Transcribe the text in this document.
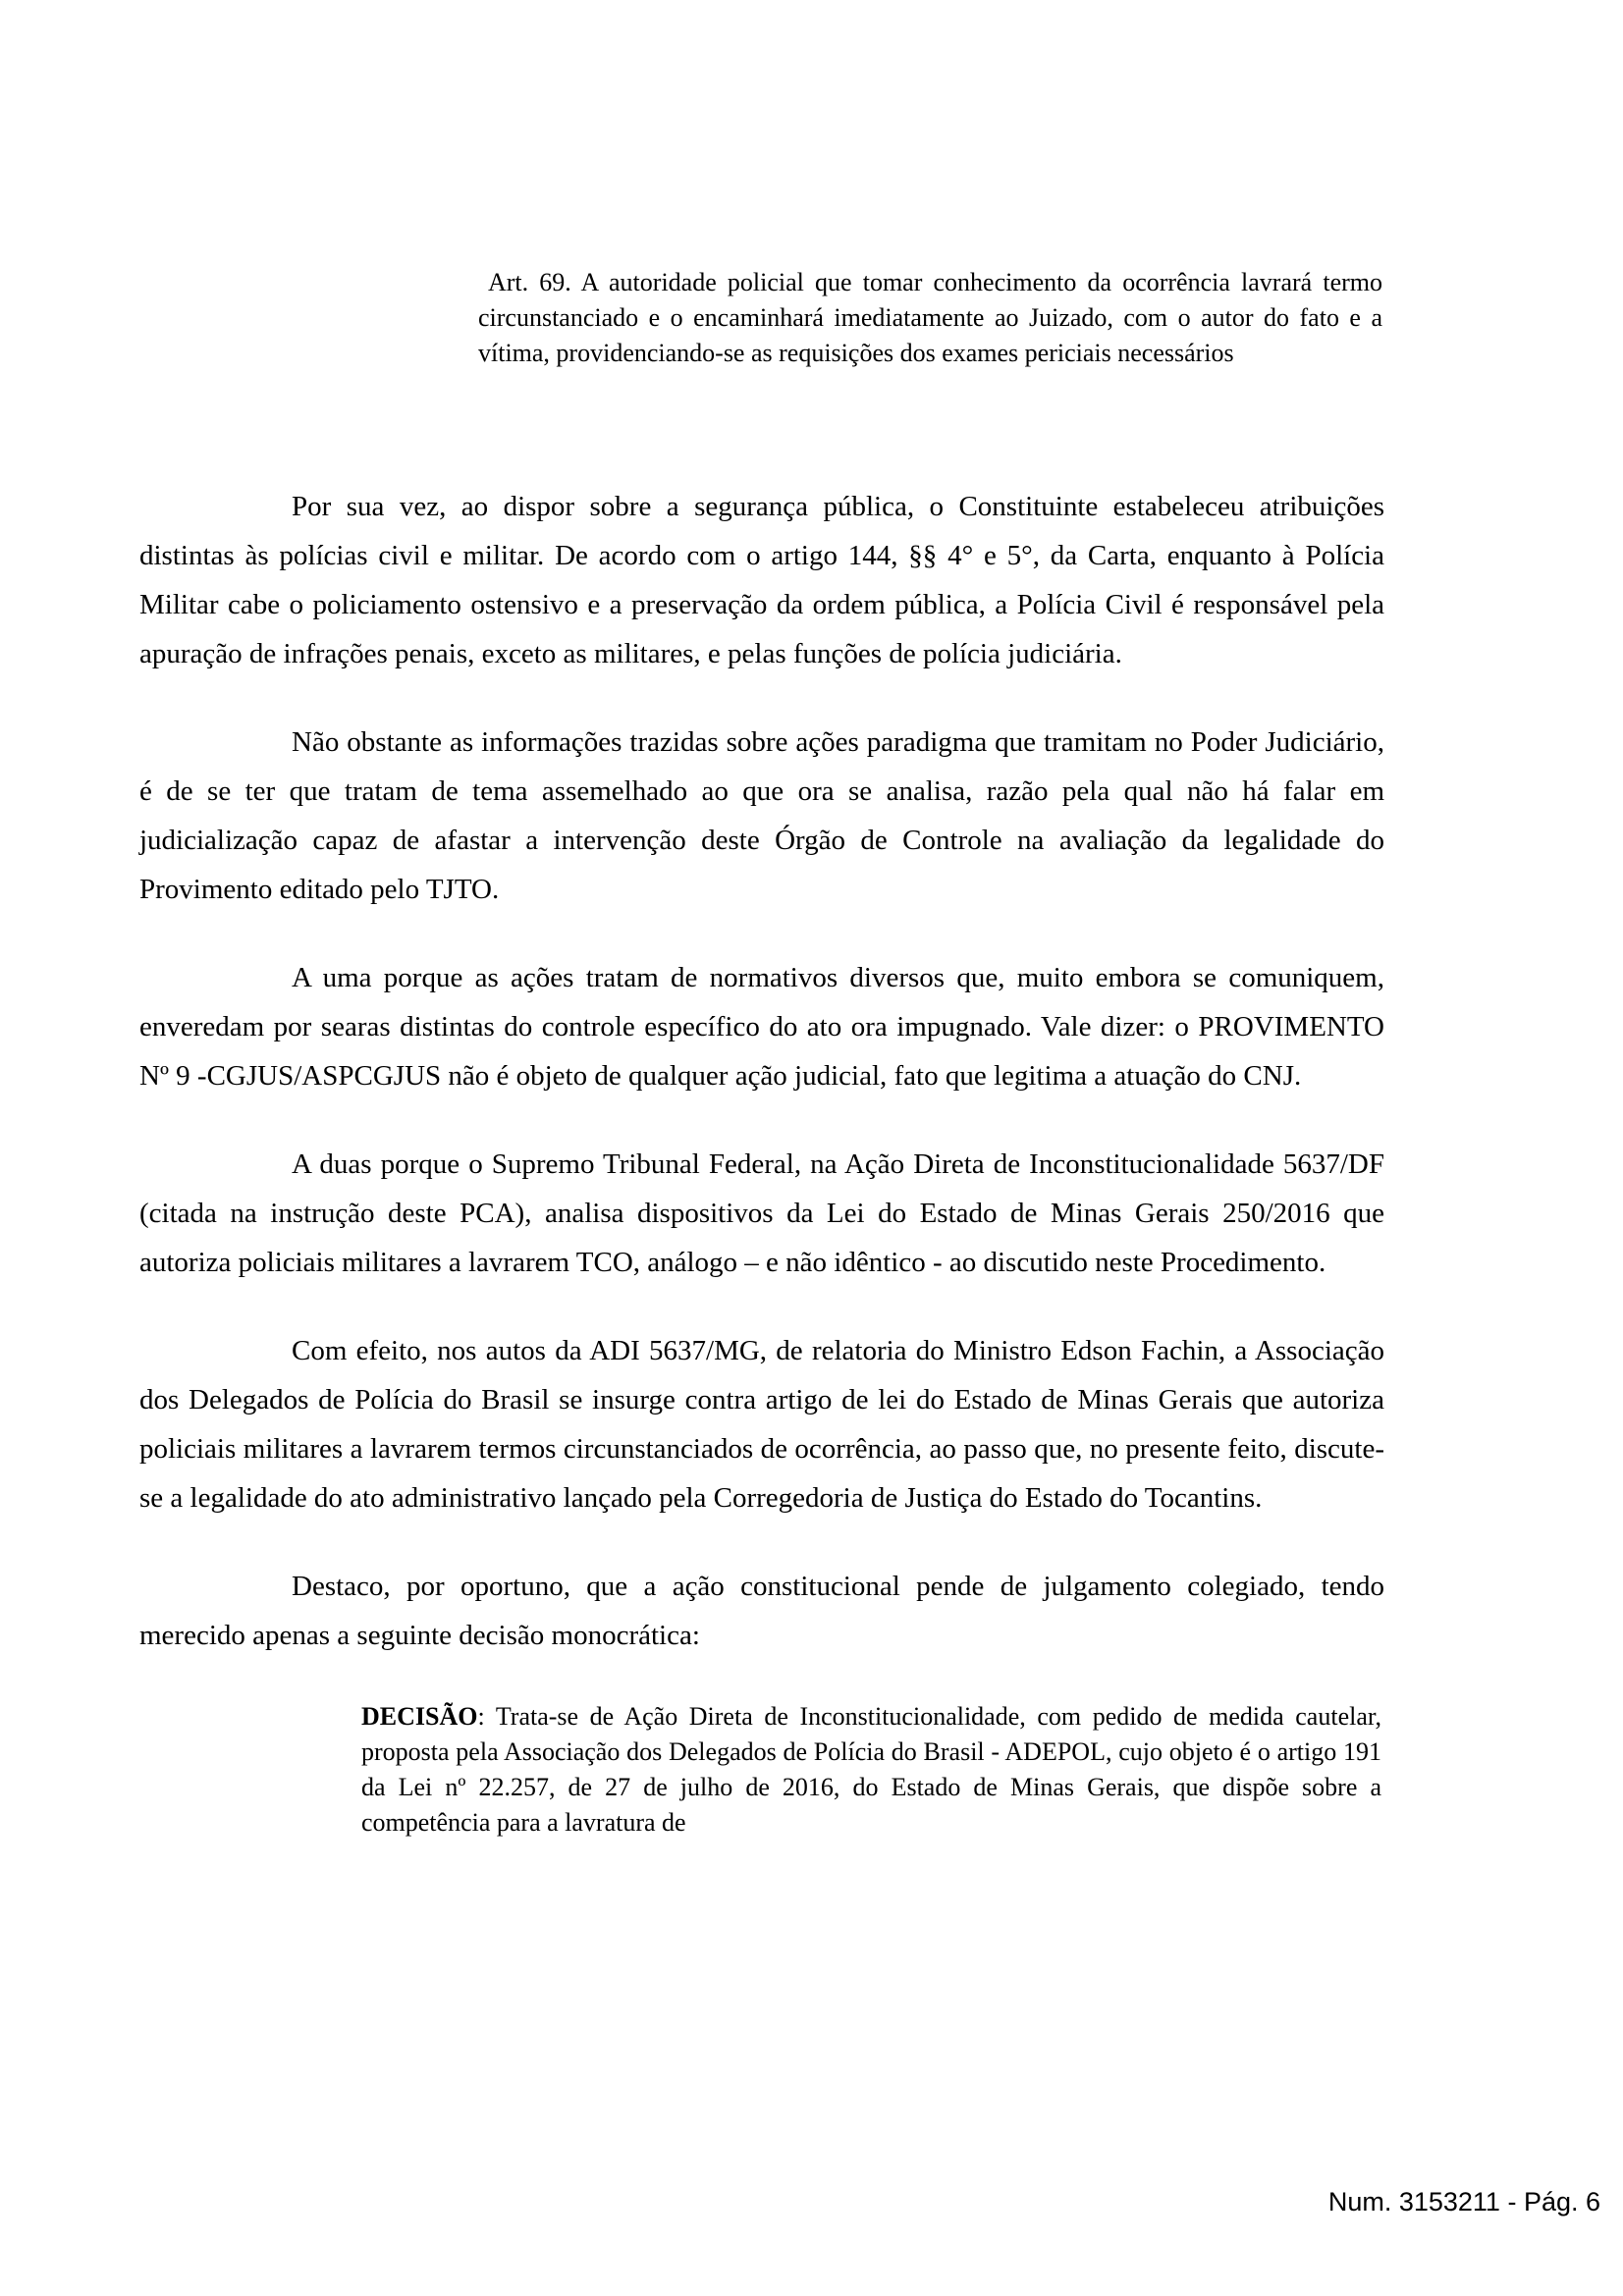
Art. 69. A autoridade policial que tomar conhecimento da ocorrência lavrará termo circunstanciado e o encaminhará imediatamente ao Juizado, com o autor do fato e a vítima, providenciando-se as requisições dos exames periciais necessários

Por sua vez, ao dispor sobre a segurança pública, o Constituinte estabeleceu atribuições distintas às polícias civil e militar. De acordo com o artigo 144, §§ 4° e 5°, da Carta, enquanto à Polícia Militar cabe o policiamento ostensivo e a preservação da ordem pública, a Polícia Civil é responsável pela apuração de infrações penais, exceto as militares, e pelas funções de polícia judiciária.

Não obstante as informações trazidas sobre ações paradigma que tramitam no Poder Judiciário, é de se ter que tratam de tema assemelhado ao que ora se analisa, razão pela qual não há falar em judicialização capaz de afastar a intervenção deste Órgão de Controle na avaliação da legalidade do Provimento editado pelo TJTO.

A uma porque as ações tratam de normativos diversos que, muito embora se comuniquem, enveredam por searas distintas do controle específico do ato ora impugnado. Vale dizer: o PROVIMENTO Nº 9 -CGJUS/ASPCGJUS não é objeto de qualquer ação judicial, fato que legitima a atuação do CNJ.

A duas porque o Supremo Tribunal Federal, na Ação Direta de Inconstitucionalidade 5637/DF (citada na instrução deste PCA), analisa dispositivos da Lei do Estado de Minas Gerais 250/2016 que autoriza policiais militares a lavrarem TCO, análogo – e não idêntico - ao discutido neste Procedimento.

Com efeito, nos autos da ADI 5637/MG, de relatoria do Ministro Edson Fachin, a Associação dos Delegados de Polícia do Brasil se insurge contra artigo de lei do Estado de Minas Gerais que autoriza policiais militares a lavrarem termos circunstanciados de ocorrência, ao passo que, no presente feito, discute-se a legalidade do ato administrativo lançado pela Corregedoria de Justiça do Estado do Tocantins.

Destaco, por oportuno, que a ação constitucional pende de julgamento colegiado, tendo merecido apenas a seguinte decisão monocrática:

DECISÃO: Trata-se de Ação Direta de Inconstitucionalidade, com pedido de medida cautelar, proposta pela Associação dos Delegados de Polícia do Brasil - ADEPOL, cujo objeto é o artigo 191 da Lei nº 22.257, de 27 de julho de 2016, do Estado de Minas Gerais, que dispõe sobre a competência para a lavratura de

Num. 3153211 - Pág. 6
